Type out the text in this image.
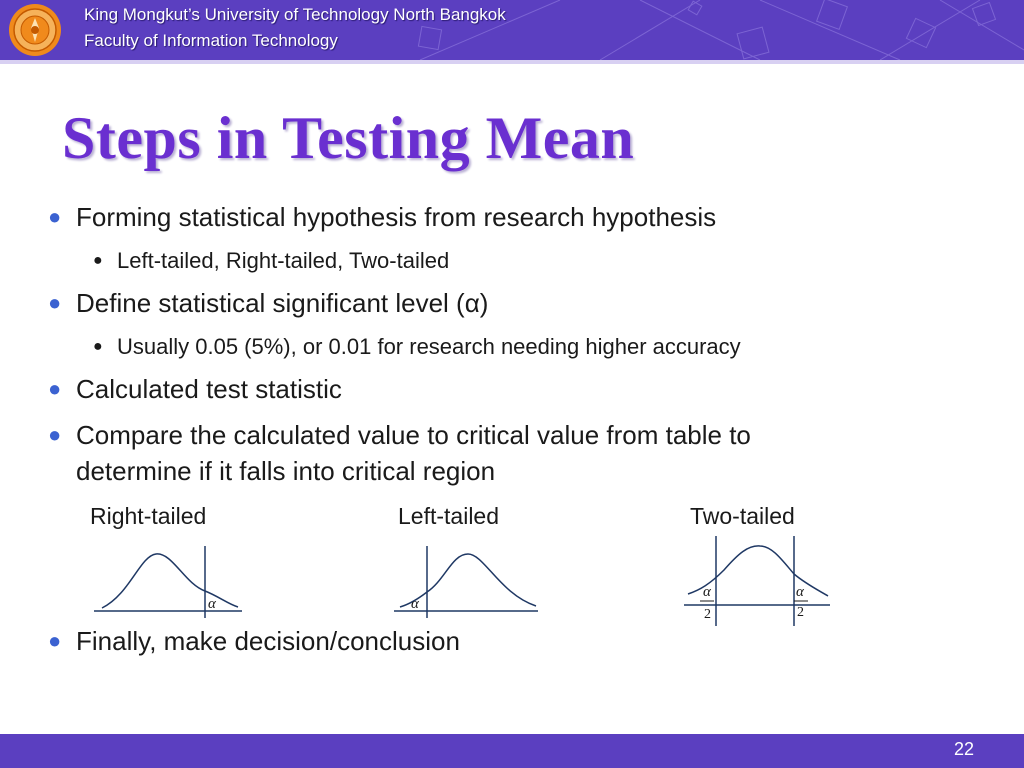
King Mongkut’s University of Technology North Bangkok
Faculty of Information Technology
Steps in Testing Mean
● Forming statistical hypothesis from research hypothesis
● Left-tailed, Right-tailed, Two-tailed
● Define statistical significant level (α)
● Usually 0.05 (5%), or 0.01 for research needing higher accuracy
● Calculated test statistic
● Compare the calculated value to critical value from table to
determine if it falls into critical region
Right-tailed	Left-tailed	Two-tailed
α	α
α
2
α
2
● Finally, make decision/conclusion
22
